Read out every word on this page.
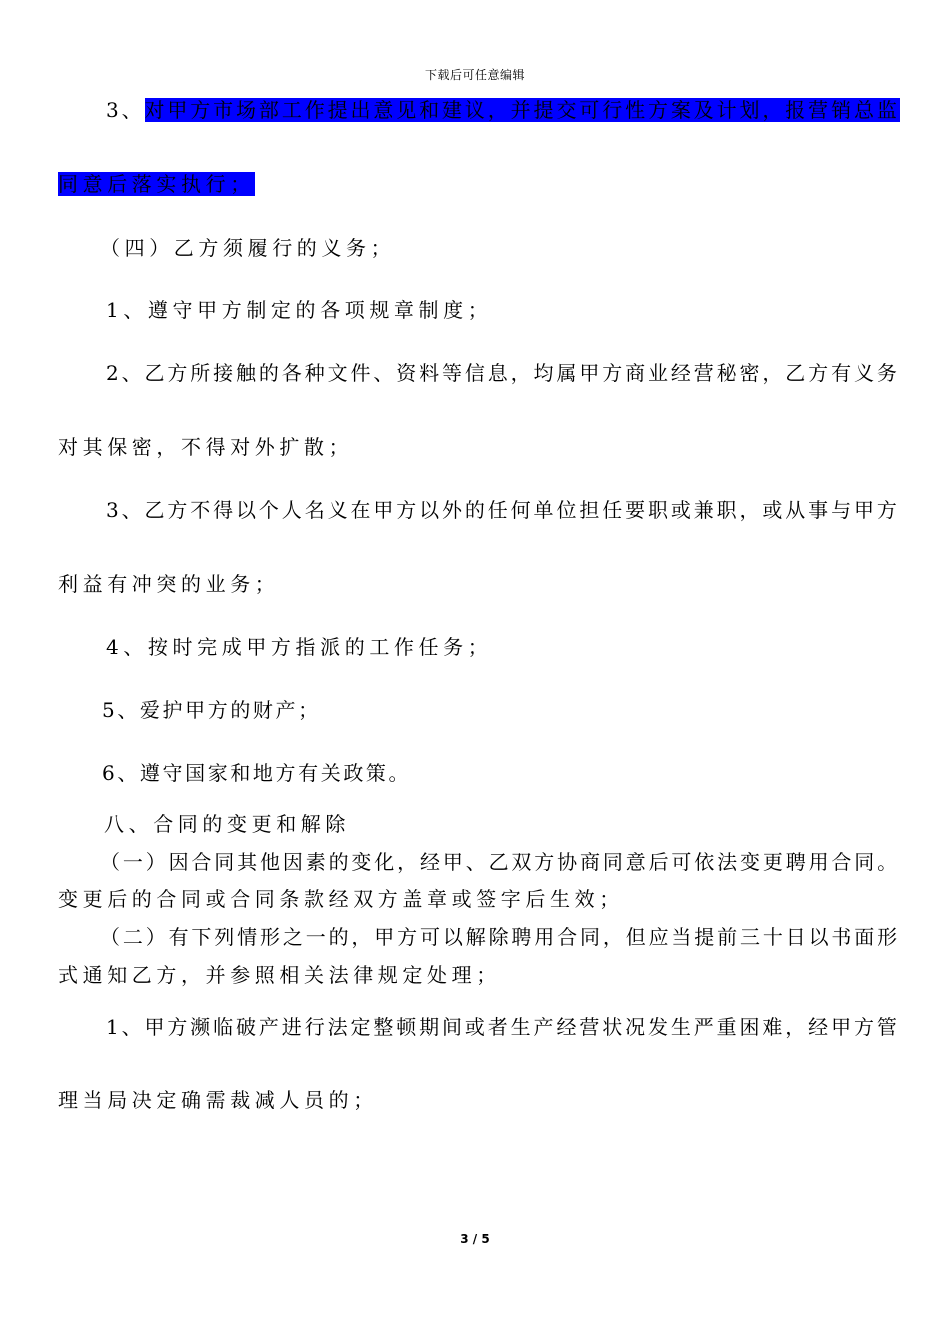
下载后可任意编辑
3、对甲方市场部工作提出意见和建议，并提交可行性方案及计划，报营销总监
同意后落实执行；
（四）乙方须履行的义务；
1、遵守甲方制定的各项规章制度；
2、乙方所接触的各种文件、资料等信息，均属甲方商业经营秘密，乙方有义务
对其保密，不得对外扩散；
3、乙方不得以个人名义在甲方以外的任何单位担任要职或兼职，或从事与甲方
利益有冲突的业务；
4、按时完成甲方指派的工作任务；
5、爱护甲方的财产；
6、遵守国家和地方有关政策。
八、合同的变更和解除
（一）因合同其他因素的变化，经甲、乙双方协商同意后可依法变更聘用合同。
变更后的合同或合同条款经双方盖章或签字后生效；
（二）有下列情形之一的，甲方可以解除聘用合同，但应当提前三十日以书面形
式通知乙方，并参照相关法律规定处理；
1、甲方濒临破产进行法定整顿期间或者生产经营状况发生严重困难，经甲方管
理当局决定确需裁减人员的；
3 / 5
